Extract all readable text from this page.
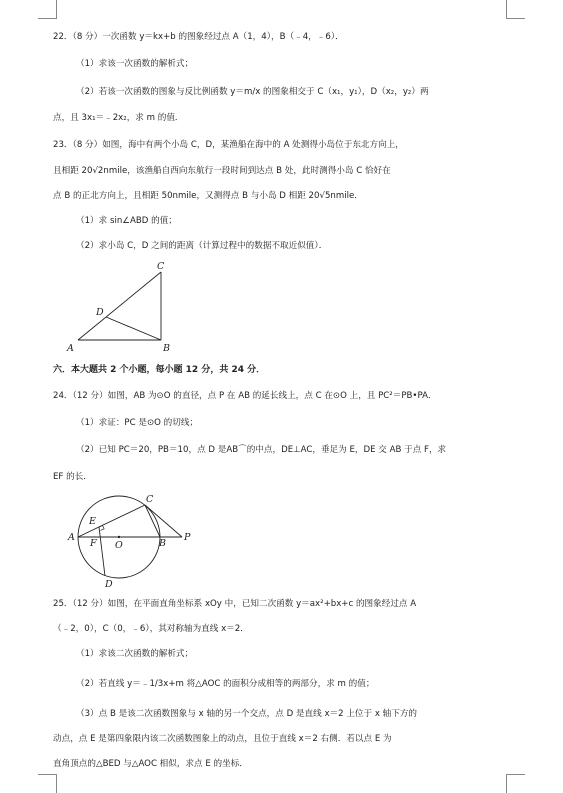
22．（8 分）一次函数 y＝kx+b 的图象经过点 A（1，4），B（﹣4，﹣6）．
（1）求该一次函数的解析式；
（2）若该一次函数的图象与反比例函数 y＝m/x 的图象相交于 C（x₁，y₁），D（x₂，y₂）两
点，且 3x₁＝﹣2x₂，求 m 的值．
23．（8 分）如图，海中有两个小岛 C，D，某渔船在海中的 A 处测得小岛位于东北方向上，
且相距 20√2nmile，该渔船自西向东航行一段时间到达点 B 处，此时测得小岛 C 恰好在
点 B 的正北方向上，且相距 50nmile，又测得点 B 与小岛 D 相距 20√5nmile．
（1）求 sin∠ABD 的值；
（2）求小岛 C，D 之间的距离（计算过程中的数据不取近似值）．
C
D
A	B
六．本大题共 2 个小题，每小题 12 分，共 24 分．
24．（12 分）如图，AB 为⊙O 的直径，点 P 在 AB 的延长线上，点 C 在⊙O 上，且 PC²＝PB•PA．
（1）求证：PC 是⊙O 的切线；
（2）已知 PC＝20，PB＝10，点 D 是AB⌒的中点，DE⊥AC，垂足为 E，DE 交 AB 于点 F，求
EF 的长．
C
E
A
F O	B
P
D
25．（12 分）如图，在平面直角坐标系 xOy 中，已知二次函数 y＝ax²+bx+c 的图象经过点 A
（﹣2，0），C（0，﹣6），其对称轴为直线 x＝2．
（1）求该二次函数的解析式；
（2）若直线 y＝﹣1/3x+m 将△AOC 的面积分成相等的两部分，求 m 的值；
（3）点 B 是该二次函数图象与 x 轴的另一个交点，点 D 是直线 x＝2 上位于 x 轴下方的
动点，点 E 是第四象限内该二次函数图象上的动点，且位于直线 x＝2 右侧．若以点 E 为
直角顶点的△BED 与△AOC 相似，求点 E 的坐标．
